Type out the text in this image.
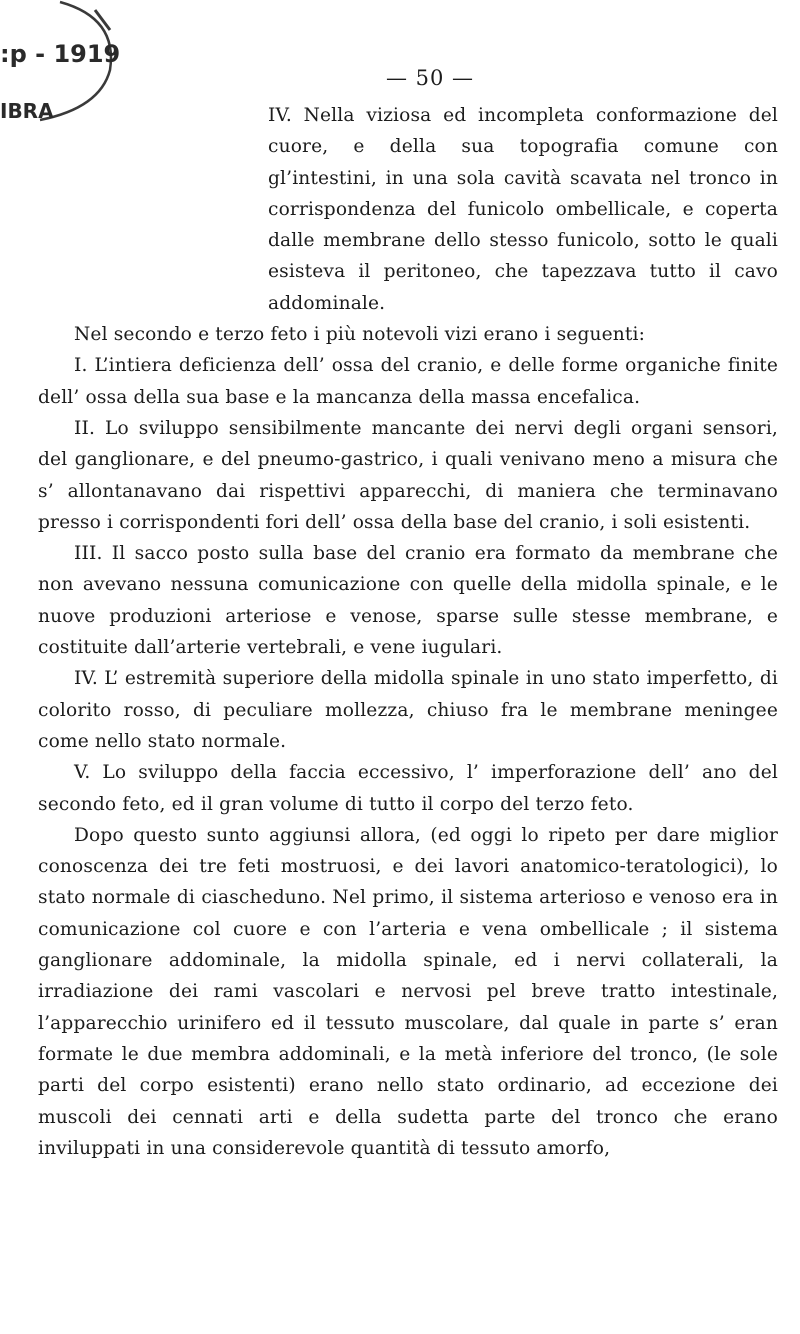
:p - 1919
IBRA
— 50 —

IV. Nella viziosa ed incompleta conformazione del cuore, e della sua topografia comune con gl’intestini, in una sola cavità scavata nel tronco in corrispondenza del funicolo ombellicale, e coperta dalle membrane dello stesso funicolo, sotto le quali esisteva il peritoneo, che tapezzava tutto il cavo addominale.

Nel secondo e terzo feto i più notevoli vizi erano i seguenti:

I. L’intiera deficienza dell’ ossa del cranio, e delle forme organiche finite dell’ ossa della sua base e la mancanza della massa encefalica.

II. Lo sviluppo sensibilmente mancante dei nervi degli organi sensori, del ganglionare, e del pneumo-gastrico, i quali venivano meno a misura che s’ allontanavano dai rispettivi apparecchi, di maniera che terminavano presso i corrispondenti fori dell’ ossa della base del cranio, i soli esistenti.

III. Il sacco posto sulla base del cranio era formato da membrane che non avevano nessuna comunicazione con quelle della midolla spinale, e le nuove produzioni arteriose e venose, sparse sulle stesse membrane, e costituite dall’arterie vertebrali, e vene iugulari.

IV. L’ estremità superiore della midolla spinale in uno stato imperfetto, di colorito rosso, di peculiare mollezza, chiuso fra le membrane meningee come nello stato normale.

V. Lo sviluppo della faccia eccessivo, l’ imperforazione dell’ ano del secondo feto, ed il gran volume di tutto il corpo del terzo feto.

Dopo questo sunto aggiunsi allora, (ed oggi lo ripeto per dare miglior conoscenza dei tre feti mostruosi, e dei lavori anatomico-teratologici), lo stato normale di ciascheduno. Nel primo, il sistema arterioso e venoso era in comunicazione col cuore e con l’arteria e vena ombellicale ; il sistema ganglionare addominale, la midolla spinale, ed i nervi collaterali, la irradiazione dei rami vascolari e nervosi pel breve tratto intestinale, l’apparecchio urinifero ed il tessuto muscolare, dal quale in parte s’ eran formate le due membra addominali, e la metà inferiore del tronco, (le sole parti del corpo esistenti) erano nello stato ordinario, ad eccezione dei muscoli dei cennati arti e della sudetta parte del tronco che erano inviluppati in una considerevole quantità di tessuto amorfo,
